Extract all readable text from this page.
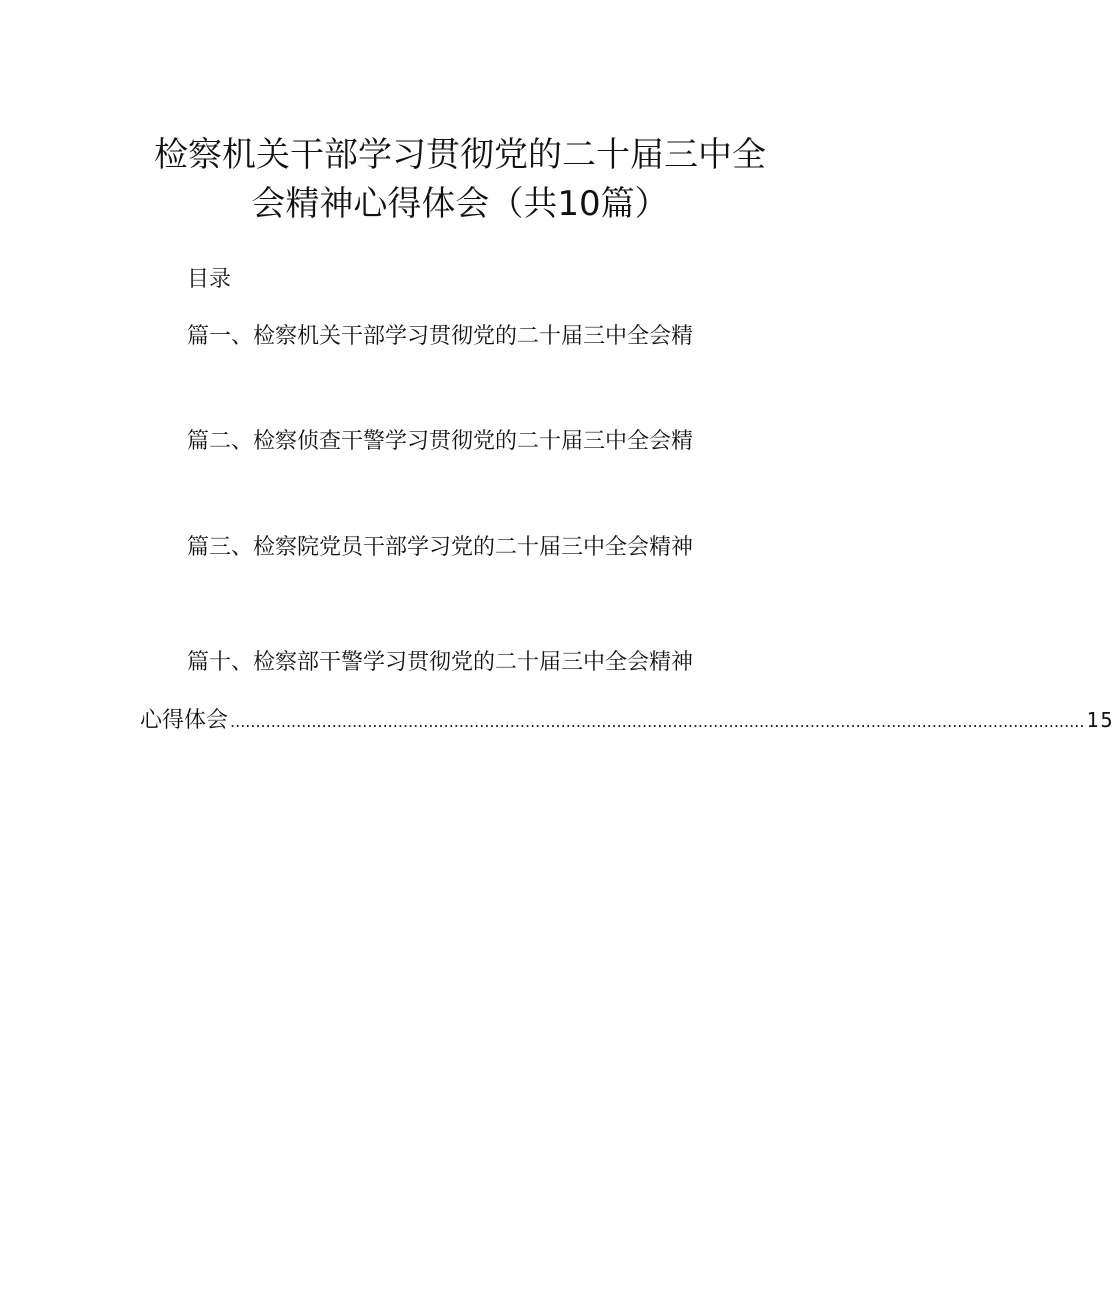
检察机关干部学习贯彻党的二十届三中全
会精神心得体会（共10篇）
目录
篇一、检察机关干部学习贯彻党的二十届三中全会精
篇二、检察侦查干警学习贯彻党的二十届三中全会精
篇三、检察院党员干部学习党的二十届三中全会精神
篇十、检察部干警学习贯彻党的二十届三中全会精神
心得体会 ........................................................................................................................................................................ 15
